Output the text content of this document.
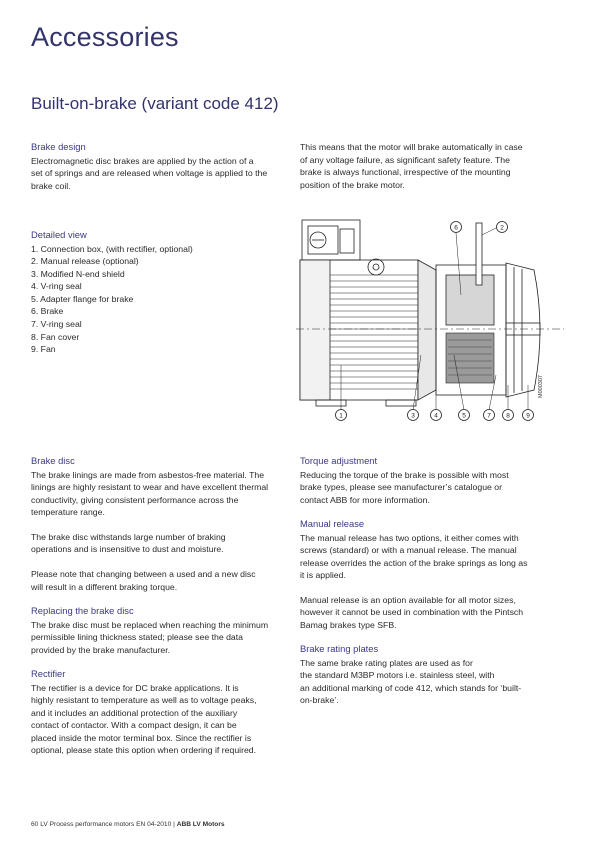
Accessories
Built-on-brake (variant code 412)

Brake design

Electromagnetic disc brakes are applied by the action of a
set of springs and are released when voltage is applied to the
brake coil.

This means that the motor will brake automatically in case
of any voltage failure, as significant safety feature. The
brake is always functional, irrespective of the mounting
position of the brake motor.

Detailed view

1. Connection box, (with rectifier, optional)
2. Manual release (optional)
3. Modified N-end shield
4. V-ring seal
5. Adapter flange for brake
6. Brake
7. V-ring seal
8. Fan cover
9. Fan
1
2
3	4	5
6
7 8	9
M000307

Brake disc

The brake linings are made from asbestos-free material. The
linings are highly resistant to wear and have excellent thermal
conductivity, giving consistent performance across the
temperature range.

The brake disc withstands large number of braking
operations and is insensitive to dust and moisture.

Please note that changing between a used and a new disc
will result in a different braking torque.

Replacing the brake disc

The brake disc must be replaced when reaching the minimum
permissible lining thickness stated; please see the data
provided by the brake manufacturer.

Rectifier

The rectifier is a device for DC brake applications. It is
highly resistant to temperature as well as to voltage peaks,
and it includes an additional protection of the auxiliary
contact of contactor. With a compact design, it can be
placed inside the motor terminal box. Since the rectifier is
optional, please state this option when ordering if required.

Torque adjustment

Reducing the torque of the brake is possible with most
brake types, please see manufacturer’s catalogue or
contact ABB for more information.

Manual release

The manual release has two options, it either comes with
screws (standard) or with a manual release. The manual
release overrides the action of the brake springs as long as
it is applied.

Manual release is an option available for all motor sizes,
however it cannot be used in combination with the Pintsch
Bamag brakes type SFB.

Brake rating plates

The same brake rating plates are used as for
the standard M3BP motors i.e. stainless steel, with
an additional marking of code 412, which stands for ‘built-
on-brake’.

60 LV Process performance motors EN 04-2010 | ABB LV Motors
